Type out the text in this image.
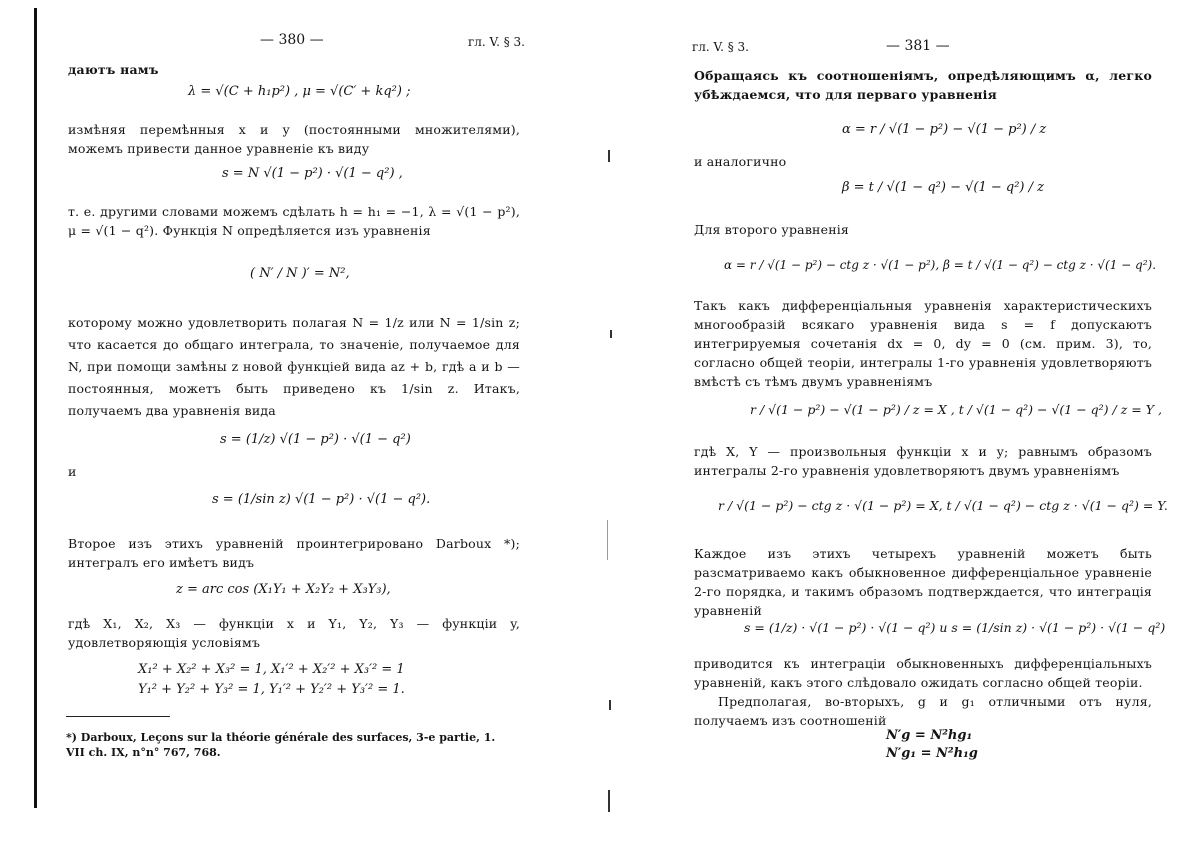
— 380 —	гл. V. § 3.
даютъ намъ
λ = √(C + h₁p²) , μ = √(C′ + kq²) ;
измѣняя перемѣнныя x и y (постоянными множителями), можемъ привести данное уравненіе къ виду
s = N √(1 − p²) · √(1 − q²) ,
т. е. другими словами можемъ сдѣлать h = h₁ = −1, λ = √(1 − p²), μ = √(1 − q²). Функція N опредѣляется изъ уравненія
( N′ / N )′ = N²,
которому можно удовлетворить полагая N = 1/z или N = 1/sin z; что касается до общаго интеграла, то значеніе, получаемое для N, при помощи замѣны z новой функціей вида az + b, гдѣ a и b — постоянныя, можетъ быть приведено къ 1/sin z. Итакъ, получаемъ два уравненія вида
s = (1/z) √(1 − p²) · √(1 − q²)
и
s = (1/sin z) √(1 − p²) · √(1 − q²).
Второе изъ этихъ уравненій проинтегрировано Darboux *); интегралъ его имѣетъ видъ
z = arc cos (X₁Y₁ + X₂Y₂ + X₃Y₃),
гдѣ X₁, X₂, X₃ — функціи x и Y₁, Y₂, Y₃ — функціи y, удовлетворяющія условіямъ
X₁² + X₂² + X₃² = 1, X₁′² + X₂′² + X₃′² = 1
Y₁² + Y₂² + Y₃² = 1, Y₁′² + Y₂′² + Y₃′² = 1.
*) Darboux, Leçons sur la théorie générale des surfaces, 3-e partie, 1. VII ch. IX, n°n° 767, 768.
гл. V. § 3.	— 381 —
Обращаясь къ соотношеніямъ, опредѣляющимъ α, легко убѣждаемся, что для перваго уравненія
α = r / √(1 − p²) − √(1 − p²) / z
и аналогично
β = t / √(1 − q²) − √(1 − q²) / z
Для второго уравненія
α = r / √(1 − p²) − ctg z · √(1 − p²), β = t / √(1 − q²) − ctg z · √(1 − q²).
Такъ какъ дифференціальныя уравненія характеристическихъ многообразій всякаго уравненія вида s = f допускаютъ интегрируемыя сочетанія dx = 0, dy = 0 (см. прим. 3), то, согласно общей теоріи, интегралы 1-го уравненія удовлетворяютъ вмѣстѣ съ тѣмъ двумъ уравненіямъ
r / √(1 − p²) − √(1 − p²) / z = X , t / √(1 − q²) − √(1 − q²) / z = Y ,
гдѣ X, Y — произвольныя функціи x и y; равнымъ образомъ интегралы 2-го уравненія удовлетворяютъ двумъ уравненіямъ
r / √(1 − p²) − ctg z · √(1 − p²) = X, t / √(1 − q²) − ctg z · √(1 − q²) = Y.
Каждое изъ этихъ четырехъ уравненій можетъ быть разсматриваемо какъ обыкновенное дифференціальное уравненіе 2-го порядка, и такимъ образомъ подтверждается, что интеграція уравненій
s = (1/z) · √(1 − p²) · √(1 − q²) и s = (1/sin z) · √(1 − p²) · √(1 − q²)
приводится къ интеграціи обыкновенныхъ дифференціальныхъ уравненій, какъ этого слѣдовало ожидать согласно общей теоріи.
Предполагая, во-вторыхъ, g и g₁ отличными отъ нуля, получаемъ изъ соотношеній
N′g = N²hg₁
N′g₁ = N²h₁g
